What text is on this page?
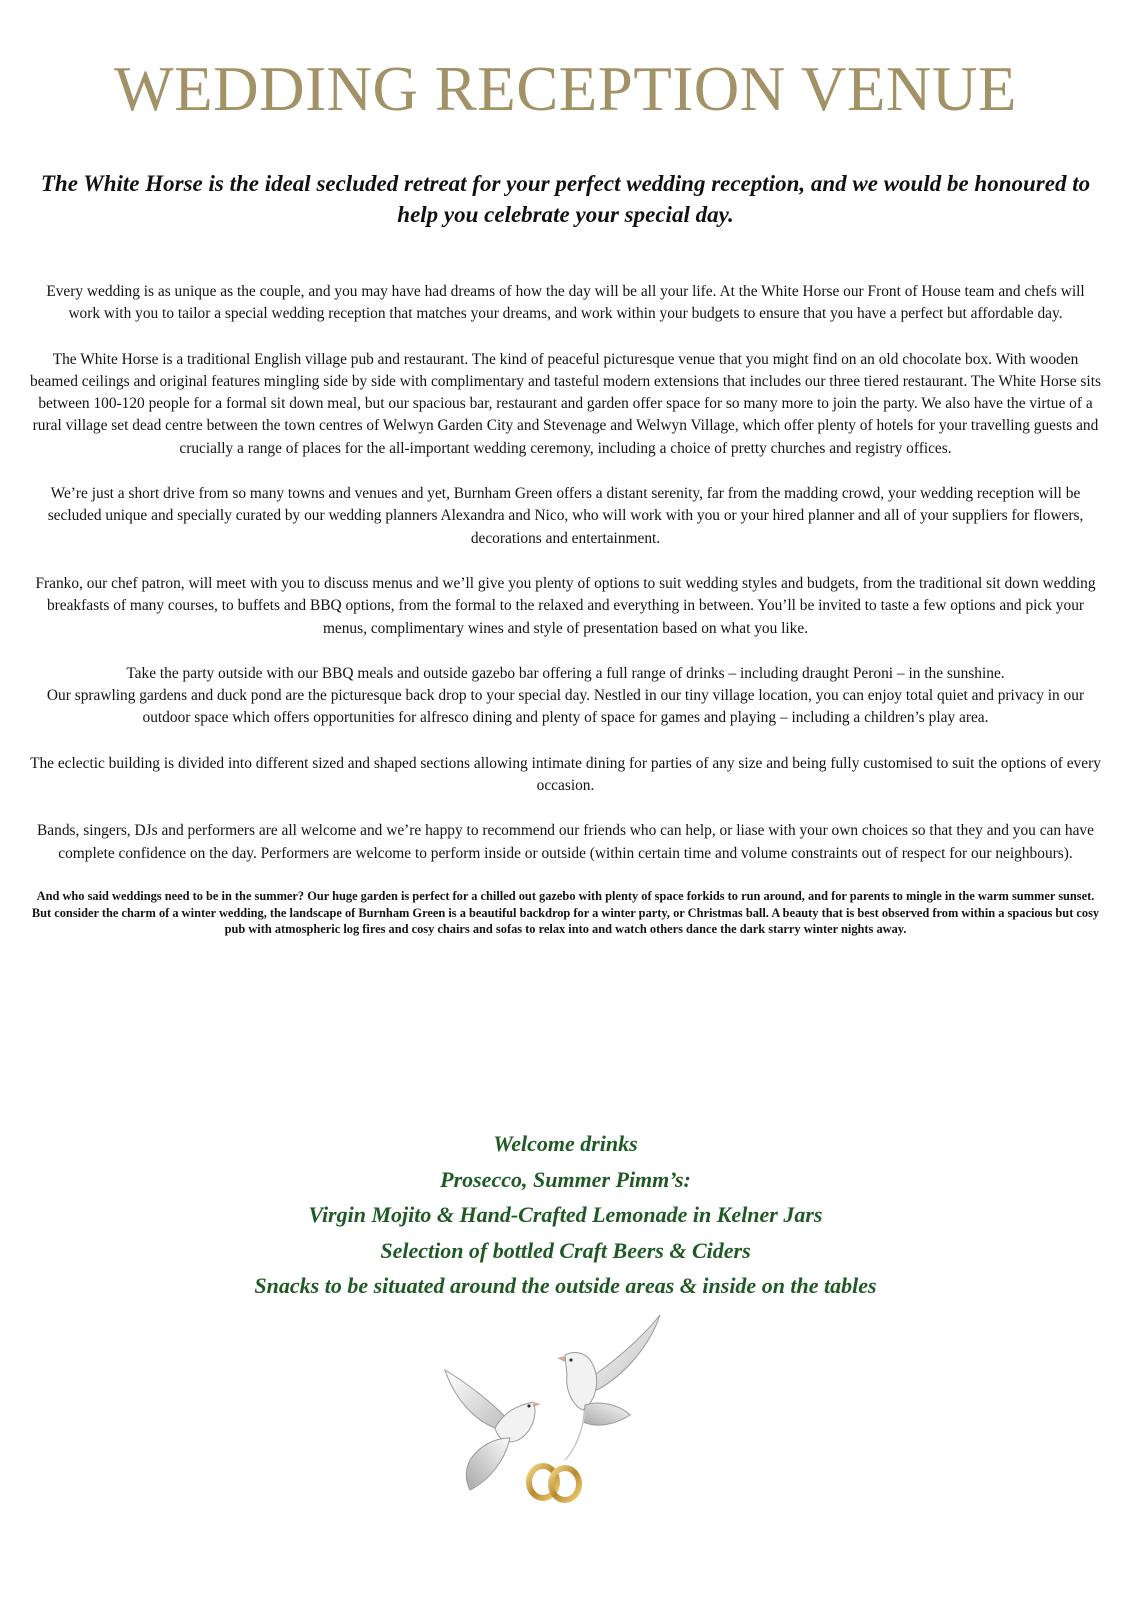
WEDDING RECEPTION VENUE
The White Horse is the ideal secluded retreat for your perfect wedding reception, and we would be honoured to help you celebrate your special day.

Every wedding is as unique as the couple, and you may have had dreams of how the day will be all your life. At the White Horse our Front of House team and chefs will work with you to tailor a special wedding reception that matches your dreams, and work within your budgets to ensure that you have a perfect but affordable day.

The White Horse is a traditional English village pub and restaurant. The kind of peaceful picturesque venue that you might find on an old chocolate box. With wooden beamed ceilings and original features mingling side by side with complimentary and tasteful modern extensions that includes our three tiered restaurant. The White Horse sits between 100-120 people for a formal sit down meal, but our spacious bar, restaurant and garden offer space for so many more to join the party. We also have the virtue of a rural village set dead centre between the town centres of Welwyn Garden City and Stevenage and Welwyn Village, which offer plenty of hotels for your travelling guests and crucially a range of places for the all-important wedding ceremony, including a choice of pretty churches and registry offices.

We’re just a short drive from so many towns and venues and yet, Burnham Green offers a distant serenity, far from the madding crowd, your wedding reception will be secluded unique and specially curated by our wedding planners Alexandra and Nico, who will work with you or your hired planner and all of your suppliers for flowers, decorations and entertainment.

Franko, our chef patron, will meet with you to discuss menus and we’ll give you plenty of options to suit wedding styles and budgets, from the traditional sit down wedding breakfasts of many courses, to buffets and BBQ options, from the formal to the relaxed and everything in between. You’ll be invited to taste a few options and pick your menus, complimentary wines and style of presentation based on what you like.

Take the party outside with our BBQ meals and outside gazebo bar offering a full range of drinks – including draught Peroni – in the sunshine.

Our sprawling gardens and duck pond are the picturesque back drop to your special day. Nestled in our tiny village location, you can enjoy total quiet and privacy in our outdoor space which offers opportunities for alfresco dining and plenty of space for games and playing – including a children’s play area.

The eclectic building is divided into different sized and shaped sections allowing intimate dining for parties of any size and being fully customised to suit the options of every occasion.

Bands, singers, DJs and performers are all welcome and we’re happy to recommend our friends who can help, or liase with your own choices so that they and you can have complete confidence on the day. Performers are welcome to perform inside or outside (within certain time and volume constraints out of respect for our neighbours).

And who said weddings need to be in the summer? Our huge garden is perfect for a chilled out gazebo with plenty of space forkids to run around, and for parents to mingle in the warm summer sunset. But consider the charm of a winter wedding, the landscape of Burnham Green is a beautiful backdrop for a winter party, or Christmas ball. A beauty that is best observed from within a spacious but cosy pub with atmospheric log fires and cosy chairs and sofas to relax into and watch others dance the dark starry winter nights away.

Welcome drinks
Prosecco, Summer Pimm’s:
Virgin Mojito & Hand-Crafted Lemonade in Kelner Jars
Selection of bottled Craft Beers & Ciders
Snacks to be situated around the outside areas & inside on the tables
